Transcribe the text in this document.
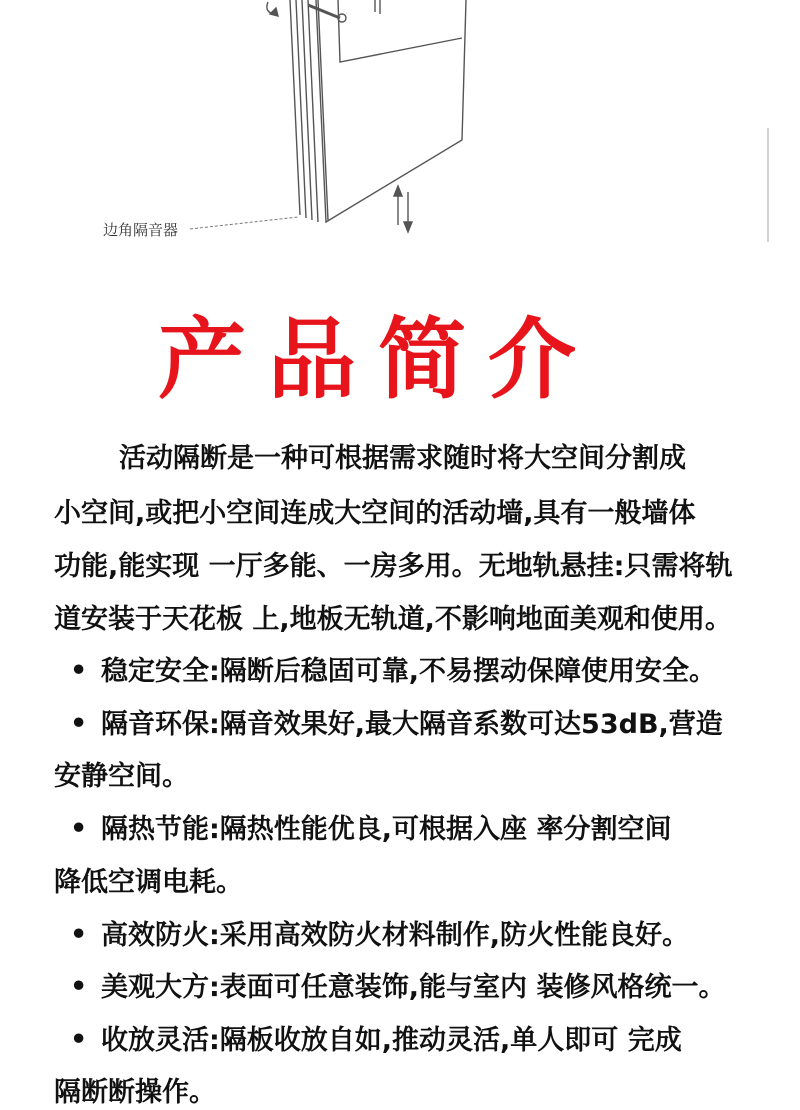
边角隔音器
产品简介
活动隔断是一种可根据需求随时将大空间分割成
小空间,或把小空间连成大空间的活动墙,具有一般墙体
功能,能实现 一厅多能、一房多用。无地轨悬挂:只需将轨
道安装于天花板 上,地板无轨道,不影响地面美观和使用。
• 稳定安全:隔断后稳固可靠,不易摆动保障使用安全。
• 隔音环保:隔音效果好,最大隔音系数可达53dB,营造
安静空间。
• 隔热节能:隔热性能优良,可根据入座 率分割空间
降低空调电耗。
• 高效防火:采用高效防火材料制作,防火性能良好。
• 美观大方:表面可任意装饰,能与室内 装修风格统一。
• 收放灵活:隔板收放自如,推动灵活,单人即可 完成
隔断断操作。
